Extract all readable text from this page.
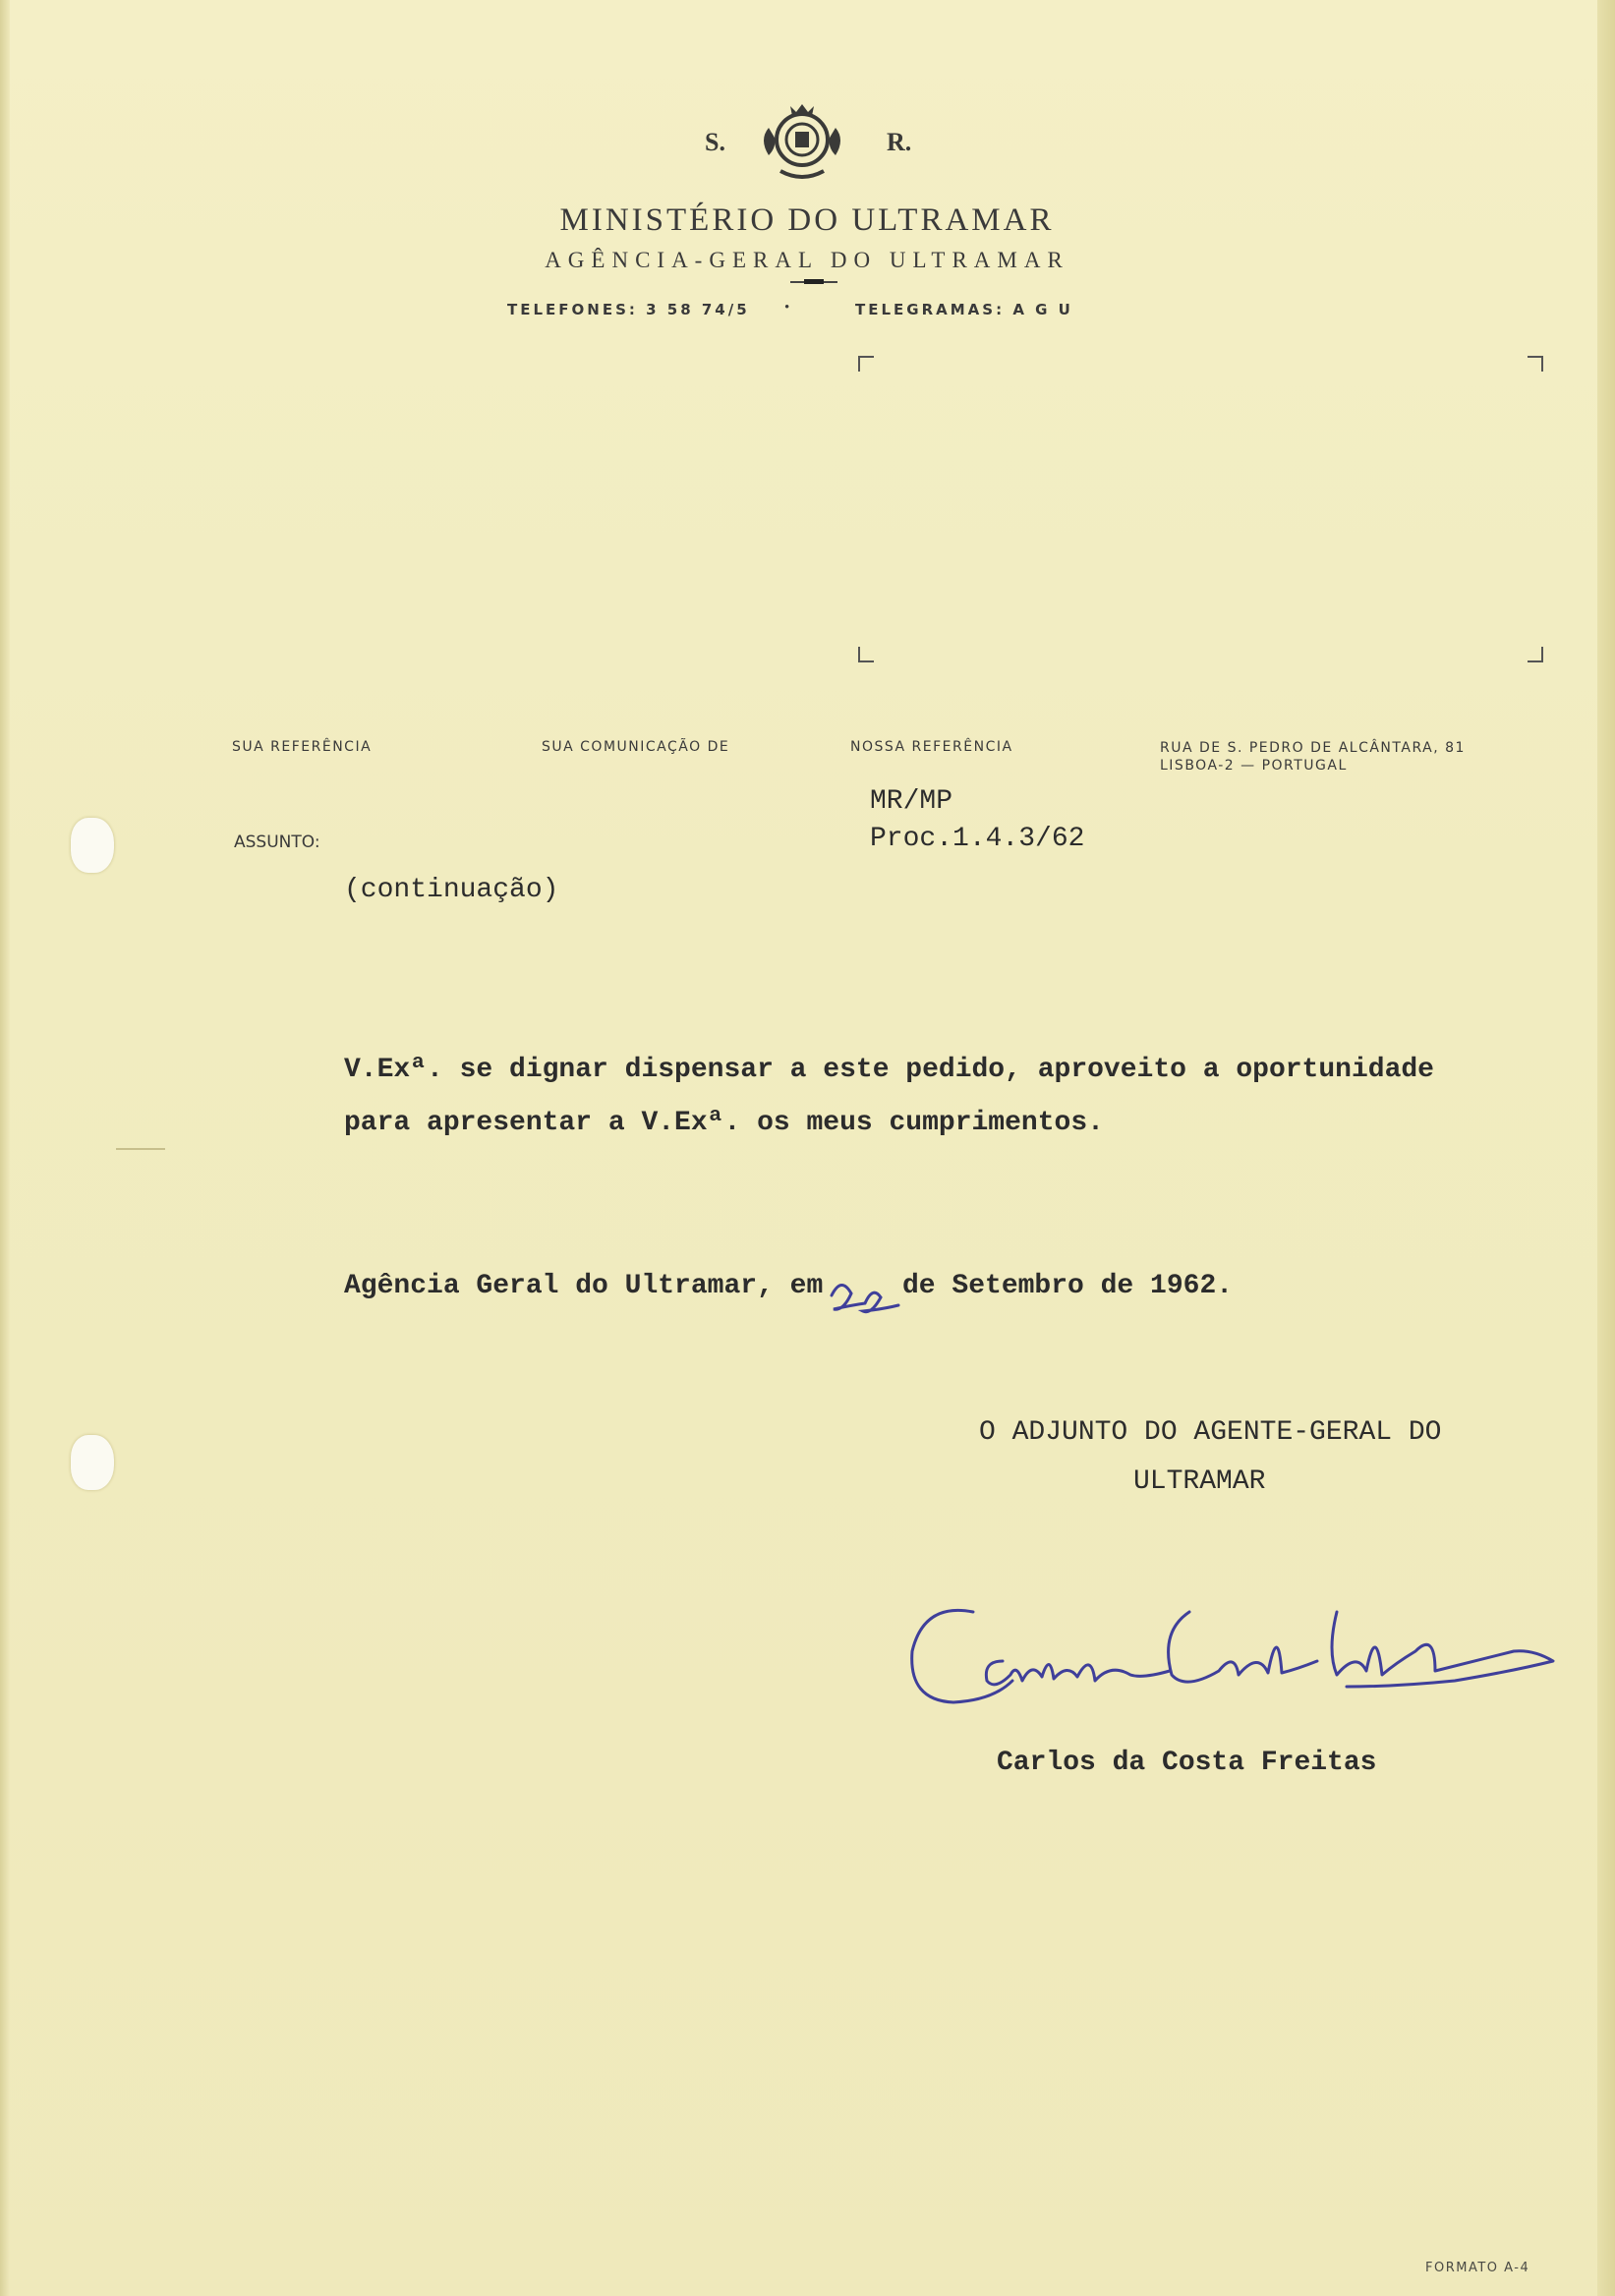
S.	R.
MINISTÉRIO DO ULTRAMAR
AGÊNCIA-GERAL DO ULTRAMAR
TELEFONES: 3 58 74/5 •	TELEGRAMAS: A G U
SUA REFERÊNCIA	SUA COMUNICAÇÃO DE	NOSSA REFERÊNCIA	RUA DE S. PEDRO DE ALCÂNTARA, 81
LISBOA-2 — PORTUGAL
ASSUNTO:
MR/MP
Proc.1.4.3/62
(continuação)
V.Exª. se dignar dispensar a este pedido, aproveito a oportunidade
para apresentar a V.Exª. os meus cumprimentos.
Agência Geral do Ultramar, em	de Setembro de 1962.
O ADJUNTO DO AGENTE-GERAL DO
ULTRAMAR
Carlos da Costa Freitas
FORMATO A-4
